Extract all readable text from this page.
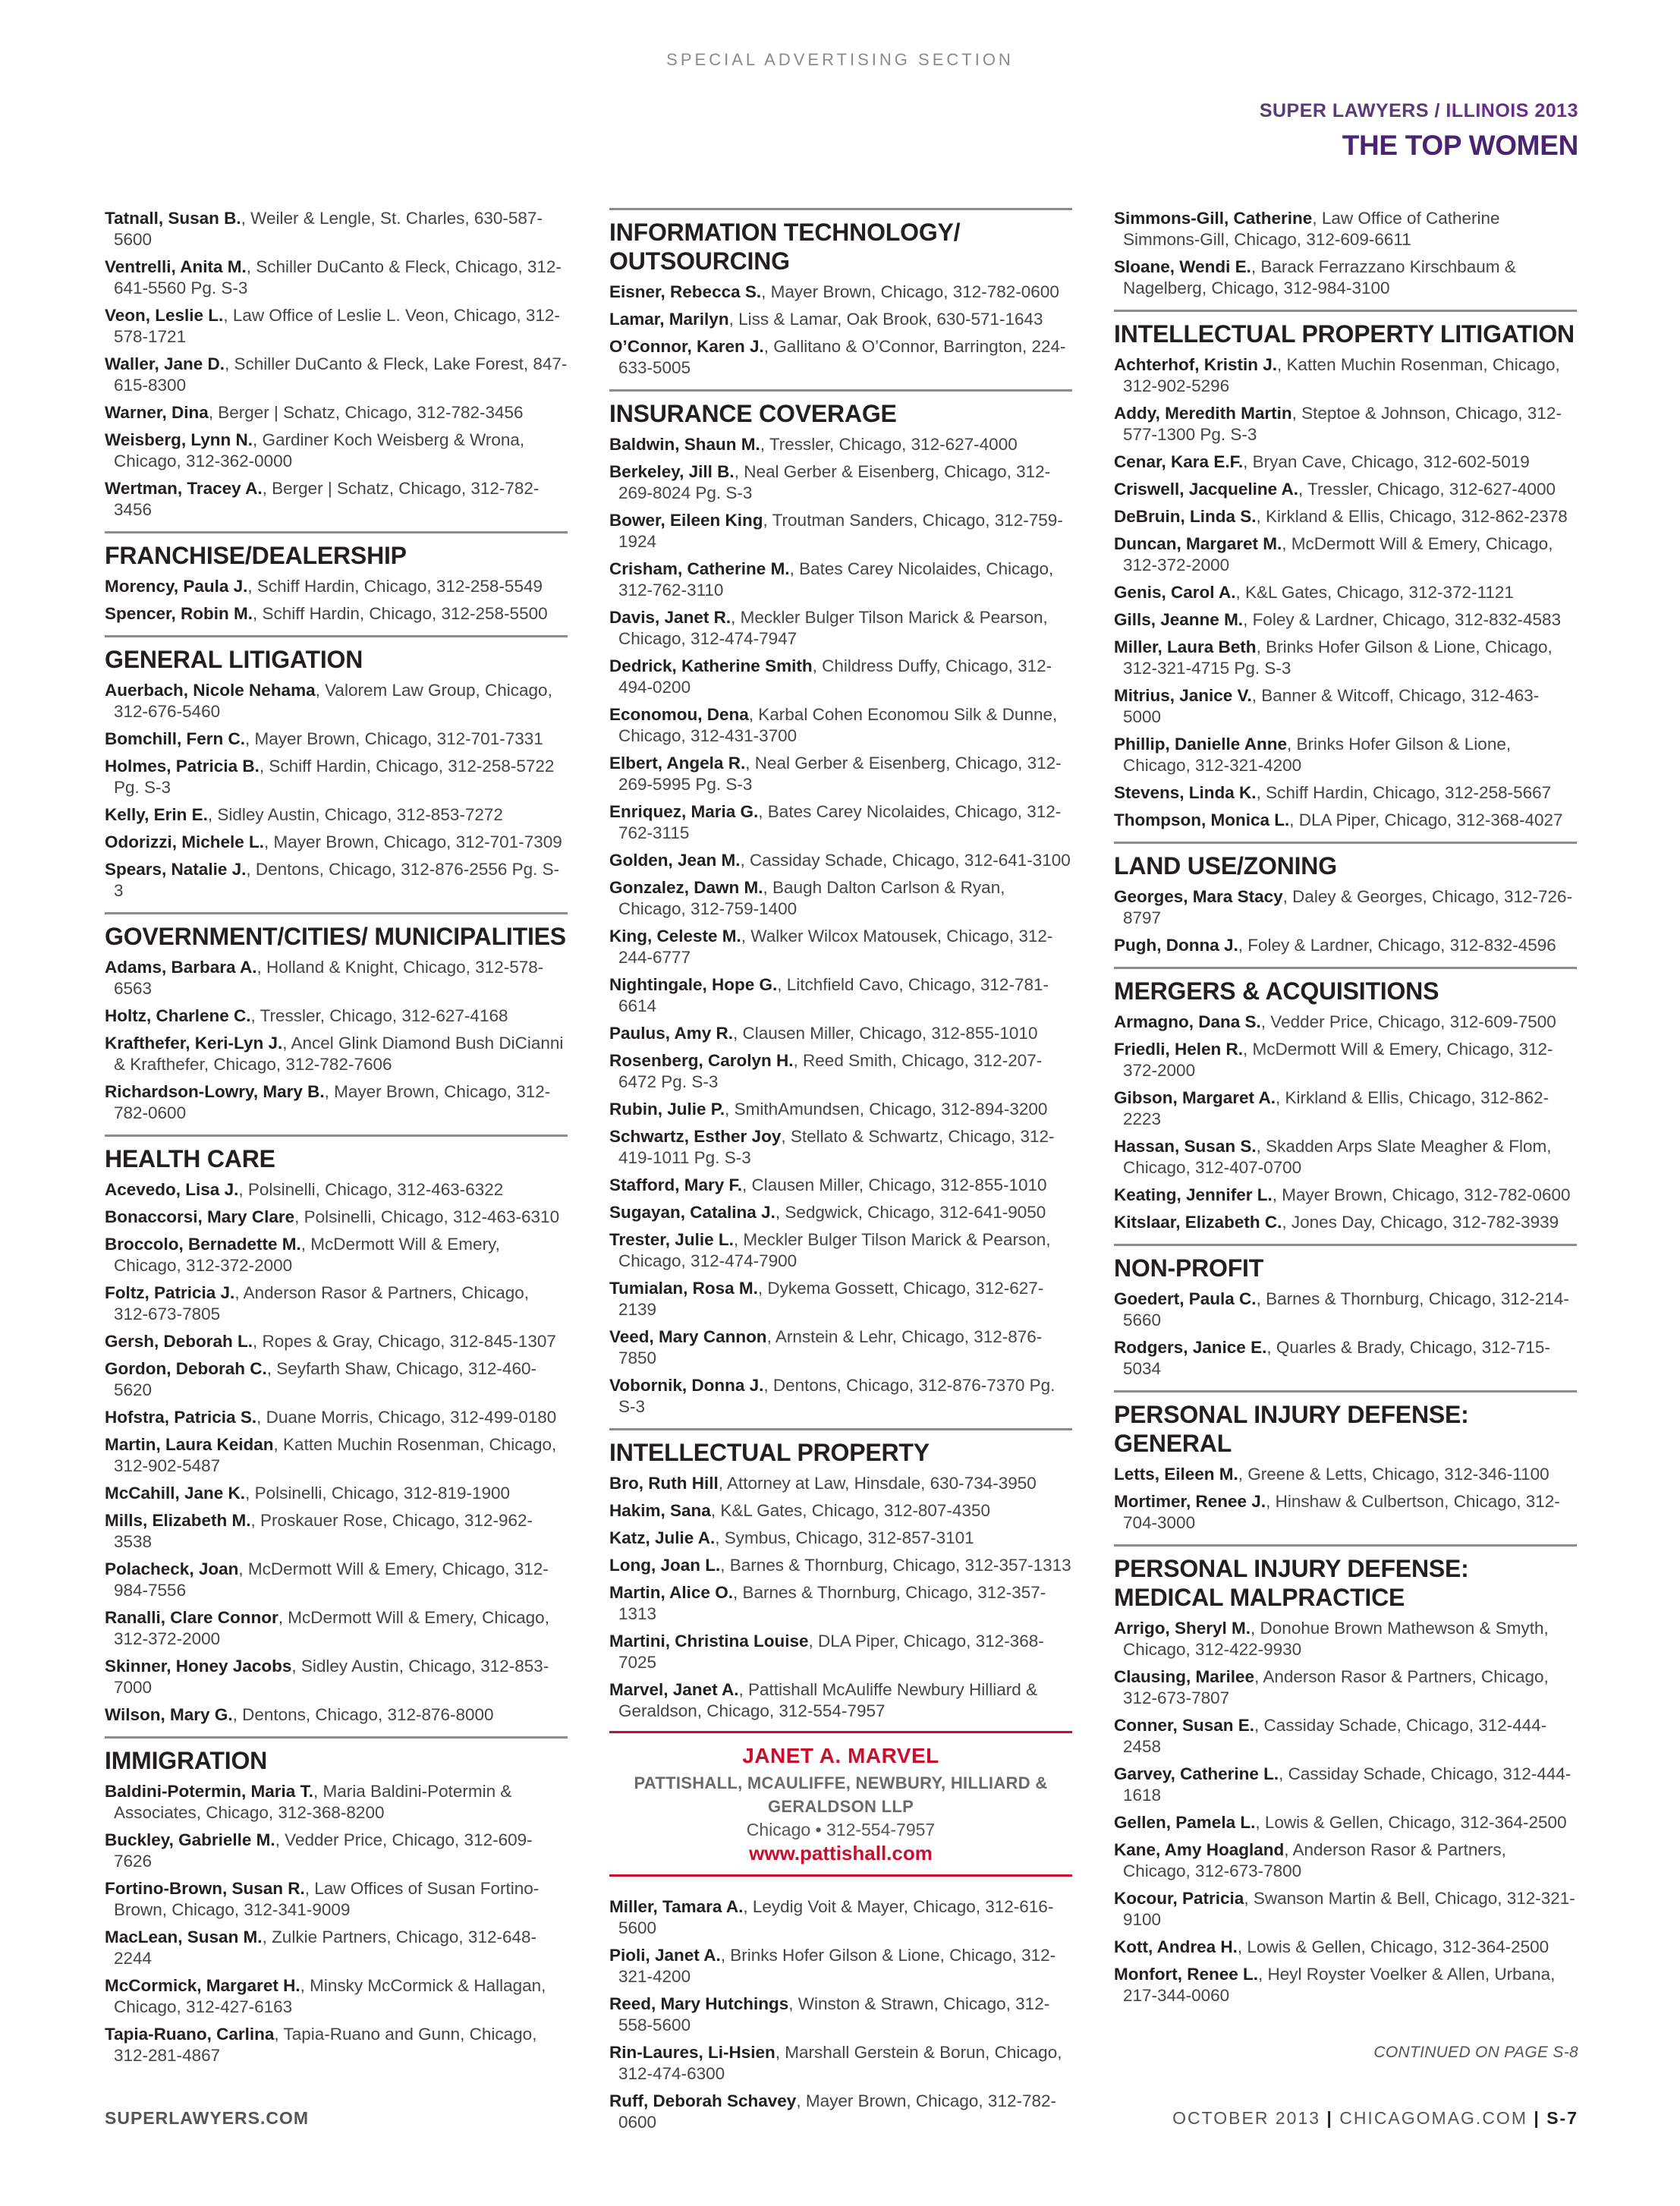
SPECIAL ADVERTISING SECTION
SUPER LAWYERS / ILLINOIS 2013
THE TOP WOMEN

Tatnall, Susan B., Weiler & Lengle, St. Charles, 630-587-5600

Ventrelli, Anita M., Schiller DuCanto & Fleck, Chicago, 312-641-5560 Pg. S-3

Veon, Leslie L., Law Office of Leslie L. Veon, Chicago, 312-578-1721

Waller, Jane D., Schiller DuCanto & Fleck, Lake Forest, 847-615-8300

Warner, Dina, Berger | Schatz, Chicago, 312-782-3456

Weisberg, Lynn N., Gardiner Koch Weisberg & Wrona, Chicago, 312-362-0000

Wertman, Tracey A., Berger | Schatz, Chicago, 312-782-3456

FRANCHISE/DEALERSHIP

Morency, Paula J., Schiff Hardin, Chicago, 312-258-5549

Spencer, Robin M., Schiff Hardin, Chicago, 312-258-5500

GENERAL LITIGATION

Auerbach, Nicole Nehama, Valorem Law Group, Chicago, 312-676-5460

Bomchill, Fern C., Mayer Brown, Chicago, 312-701-7331

Holmes, Patricia B., Schiff Hardin, Chicago, 312-258-5722 Pg. S-3

Kelly, Erin E., Sidley Austin, Chicago, 312-853-7272

Odorizzi, Michele L., Mayer Brown, Chicago, 312-701-7309

Spears, Natalie J., Dentons, Chicago, 312-876-2556 Pg. S-3

GOVERNMENT/CITIES/ MUNICIPALITIES

Adams, Barbara A., Holland & Knight, Chicago, 312-578-6563

Holtz, Charlene C., Tressler, Chicago, 312-627-4168

Krafthefer, Keri-Lyn J., Ancel Glink Diamond Bush DiCianni & Krafthefer, Chicago, 312-782-7606

Richardson-Lowry, Mary B., Mayer Brown, Chicago, 312-782-0600

HEALTH CARE

Acevedo, Lisa J., Polsinelli, Chicago, 312-463-6322

Bonaccorsi, Mary Clare, Polsinelli, Chicago, 312-463-6310

Broccolo, Bernadette M., McDermott Will & Emery, Chicago, 312-372-2000

Foltz, Patricia J., Anderson Rasor & Partners, Chicago, 312-673-7805

Gersh, Deborah L., Ropes & Gray, Chicago, 312-845-1307

Gordon, Deborah C., Seyfarth Shaw, Chicago, 312-460-5620

Hofstra, Patricia S., Duane Morris, Chicago, 312-499-0180

Martin, Laura Keidan, Katten Muchin Rosenman, Chicago, 312-902-5487

McCahill, Jane K., Polsinelli, Chicago, 312-819-1900

Mills, Elizabeth M., Proskauer Rose, Chicago, 312-962-3538

Polacheck, Joan, McDermott Will & Emery, Chicago, 312-984-7556

Ranalli, Clare Connor, McDermott Will & Emery, Chicago, 312-372-2000

Skinner, Honey Jacobs, Sidley Austin, Chicago, 312-853-7000

Wilson, Mary G., Dentons, Chicago, 312-876-8000

IMMIGRATION

Baldini-Potermin, Maria T., Maria Baldini-Potermin & Associates, Chicago, 312-368-8200

Buckley, Gabrielle M., Vedder Price, Chicago, 312-609-7626

Fortino-Brown, Susan R., Law Offices of Susan Fortino-Brown, Chicago, 312-341-9009

MacLean, Susan M., Zulkie Partners, Chicago, 312-648-2244

McCormick, Margaret H., Minsky McCormick & Hallagan, Chicago, 312-427-6163

Tapia-Ruano, Carlina, Tapia-Ruano and Gunn, Chicago, 312-281-4867

INFORMATION TECHNOLOGY/ OUTSOURCING

Eisner, Rebecca S., Mayer Brown, Chicago, 312-782-0600

Lamar, Marilyn, Liss & Lamar, Oak Brook, 630-571-1643

O’Connor, Karen J., Gallitano & O’Connor, Barrington, 224-633-5005

INSURANCE COVERAGE

Baldwin, Shaun M., Tressler, Chicago, 312-627-4000

Berkeley, Jill B., Neal Gerber & Eisenberg, Chicago, 312-269-8024 Pg. S-3

Bower, Eileen King, Troutman Sanders, Chicago, 312-759-1924

Crisham, Catherine M., Bates Carey Nicolaides, Chicago, 312-762-3110

Davis, Janet R., Meckler Bulger Tilson Marick & Pearson, Chicago, 312-474-7947

Dedrick, Katherine Smith, Childress Duffy, Chicago, 312-494-0200

Economou, Dena, Karbal Cohen Economou Silk & Dunne, Chicago, 312-431-3700

Elbert, Angela R., Neal Gerber & Eisenberg, Chicago, 312-269-5995 Pg. S-3

Enriquez, Maria G., Bates Carey Nicolaides, Chicago, 312-762-3115

Golden, Jean M., Cassiday Schade, Chicago, 312-641-3100

Gonzalez, Dawn M., Baugh Dalton Carlson & Ryan, Chicago, 312-759-1400

King, Celeste M., Walker Wilcox Matousek, Chicago, 312-244-6777

Nightingale, Hope G., Litchfield Cavo, Chicago, 312-781-6614

Paulus, Amy R., Clausen Miller, Chicago, 312-855-1010

Rosenberg, Carolyn H., Reed Smith, Chicago, 312-207-6472 Pg. S-3

Rubin, Julie P., SmithAmundsen, Chicago, 312-894-3200

Schwartz, Esther Joy, Stellato & Schwartz, Chicago, 312-419-1011 Pg. S-3

Stafford, Mary F., Clausen Miller, Chicago, 312-855-1010

Sugayan, Catalina J., Sedgwick, Chicago, 312-641-9050

Trester, Julie L., Meckler Bulger Tilson Marick & Pearson, Chicago, 312-474-7900

Tumialan, Rosa M., Dykema Gossett, Chicago, 312-627-2139

Veed, Mary Cannon, Arnstein & Lehr, Chicago, 312-876-7850

Vobornik, Donna J., Dentons, Chicago, 312-876-7370 Pg. S-3

INTELLECTUAL PROPERTY

Bro, Ruth Hill, Attorney at Law, Hinsdale, 630-734-3950

Hakim, Sana, K&L Gates, Chicago, 312-807-4350

Katz, Julie A., Symbus, Chicago, 312-857-3101

Long, Joan L., Barnes & Thornburg, Chicago, 312-357-1313

Martin, Alice O., Barnes & Thornburg, Chicago, 312-357-1313

Martini, Christina Louise, DLA Piper, Chicago, 312-368-7025

Marvel, Janet A., Pattishall McAuliffe Newbury Hilliard & Geraldson, Chicago, 312-554-7957

JANET A. MARVEL
PATTISHALL, MCAULIFFE, NEWBURY, HILLIARD & GERALDSON LLP
Chicago • 312-554-7957
www.pattishall.com

Miller, Tamara A., Leydig Voit & Mayer, Chicago, 312-616-5600

Pioli, Janet A., Brinks Hofer Gilson & Lione, Chicago, 312-321-4200

Reed, Mary Hutchings, Winston & Strawn, Chicago, 312-558-5600

Rin-Laures, Li-Hsien, Marshall Gerstein & Borun, Chicago, 312-474-6300

Ruff, Deborah Schavey, Mayer Brown, Chicago, 312-782-0600

Simmons-Gill, Catherine, Law Office of Catherine Simmons-Gill, Chicago, 312-609-6611

Sloane, Wendi E., Barack Ferrazzano Kirschbaum & Nagelberg, Chicago, 312-984-3100

INTELLECTUAL PROPERTY LITIGATION

Achterhof, Kristin J., Katten Muchin Rosenman, Chicago, 312-902-5296

Addy, Meredith Martin, Steptoe & Johnson, Chicago, 312-577-1300 Pg. S-3

Cenar, Kara E.F., Bryan Cave, Chicago, 312-602-5019

Criswell, Jacqueline A., Tressler, Chicago, 312-627-4000

DeBruin, Linda S., Kirkland & Ellis, Chicago, 312-862-2378

Duncan, Margaret M., McDermott Will & Emery, Chicago, 312-372-2000

Genis, Carol A., K&L Gates, Chicago, 312-372-1121

Gills, Jeanne M., Foley & Lardner, Chicago, 312-832-4583

Miller, Laura Beth, Brinks Hofer Gilson & Lione, Chicago, 312-321-4715 Pg. S-3

Mitrius, Janice V., Banner & Witcoff, Chicago, 312-463-5000

Phillip, Danielle Anne, Brinks Hofer Gilson & Lione, Chicago, 312-321-4200

Stevens, Linda K., Schiff Hardin, Chicago, 312-258-5667

Thompson, Monica L., DLA Piper, Chicago, 312-368-4027

LAND USE/ZONING

Georges, Mara Stacy, Daley & Georges, Chicago, 312-726-8797

Pugh, Donna J., Foley & Lardner, Chicago, 312-832-4596

MERGERS & ACQUISITIONS

Armagno, Dana S., Vedder Price, Chicago, 312-609-7500

Friedli, Helen R., McDermott Will & Emery, Chicago, 312-372-2000

Gibson, Margaret A., Kirkland & Ellis, Chicago, 312-862-2223

Hassan, Susan S., Skadden Arps Slate Meagher & Flom, Chicago, 312-407-0700

Keating, Jennifer L., Mayer Brown, Chicago, 312-782-0600

Kitslaar, Elizabeth C., Jones Day, Chicago, 312-782-3939

NON-PROFIT

Goedert, Paula C., Barnes & Thornburg, Chicago, 312-214-5660

Rodgers, Janice E., Quarles & Brady, Chicago, 312-715-5034

PERSONAL INJURY DEFENSE: GENERAL

Letts, Eileen M., Greene & Letts, Chicago, 312-346-1100

Mortimer, Renee J., Hinshaw & Culbertson, Chicago, 312-704-3000

PERSONAL INJURY DEFENSE: MEDICAL MALPRACTICE

Arrigo, Sheryl M., Donohue Brown Mathewson & Smyth, Chicago, 312-422-9930

Clausing, Marilee, Anderson Rasor & Partners, Chicago, 312-673-7807

Conner, Susan E., Cassiday Schade, Chicago, 312-444-2458

Garvey, Catherine L., Cassiday Schade, Chicago, 312-444-1618

Gellen, Pamela L., Lowis & Gellen, Chicago, 312-364-2500

Kane, Amy Hoagland, Anderson Rasor & Partners, Chicago, 312-673-7800

Kocour, Patricia, Swanson Martin & Bell, Chicago, 312-321-9100

Kott, Andrea H., Lowis & Gellen, Chicago, 312-364-2500

Monfort, Renee L., Heyl Royster Voelker & Allen, Urbana, 217-344-0060

CONTINUED ON PAGE S-8
SUPERLAWYERS.COM	OCTOBER 2013 | CHICAGOMAG.COM | S-7
